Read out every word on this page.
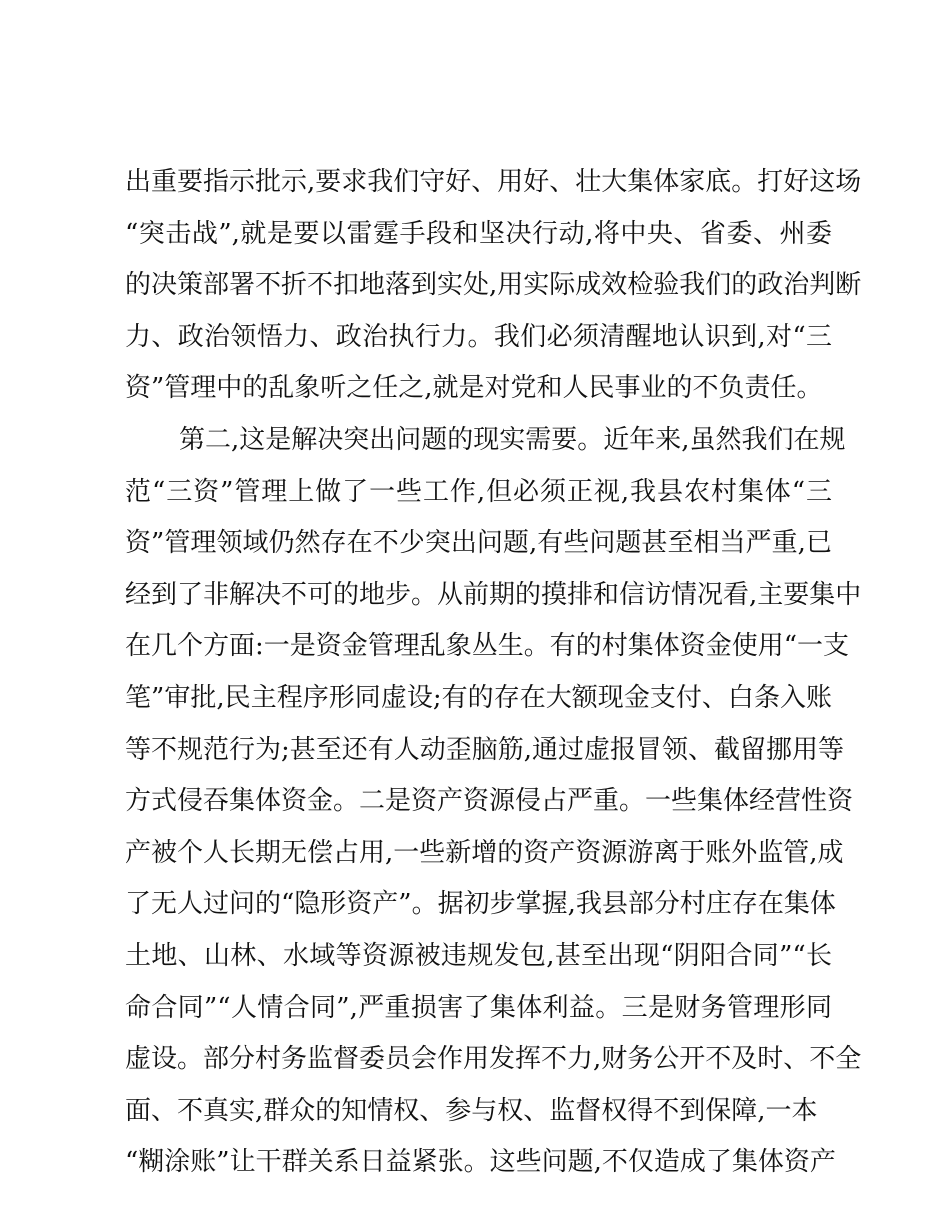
出重要指示批示,要求我们守好、用好、壮大集体家底。打好这场
“突击战”,就是要以雷霆手段和坚决行动,将中央、省委、州委
的决策部署不折不扣地落到实处,用实际成效检验我们的政治判断
力、政治领悟力、政治执行力。我们必须清醒地认识到,对“三
资”管理中的乱象听之任之,就是对党和人民事业的不负责任。
第二,这是解决突出问题的现实需要。近年来,虽然我们在规
范“三资”管理上做了一些工作,但必须正视,我县农村集体“三
资”管理领域仍然存在不少突出问题,有些问题甚至相当严重,已
经到了非解决不可的地步。从前期的摸排和信访情况看,主要集中
在几个方面:一是资金管理乱象丛生。有的村集体资金使用“一支
笔”审批,民主程序形同虚设;有的存在大额现金支付、白条入账
等不规范行为;甚至还有人动歪脑筋,通过虚报冒领、截留挪用等
方式侵吞集体资金。二是资产资源侵占严重。一些集体经营性资
产被个人长期无偿占用,一些新增的资产资源游离于账外监管,成
了无人过问的“隐形资产”。据初步掌握,我县部分村庄存在集体
土地、山林、水域等资源被违规发包,甚至出现“阴阳合同”“长
命合同”“人情合同”,严重损害了集体利益。三是财务管理形同
虚设。部分村务监督委员会作用发挥不力,财务公开不及时、不全
面、不真实,群众的知情权、参与权、监督权得不到保障,一本
“糊涂账”让干群关系日益紧张。这些问题,不仅造成了集体资产
